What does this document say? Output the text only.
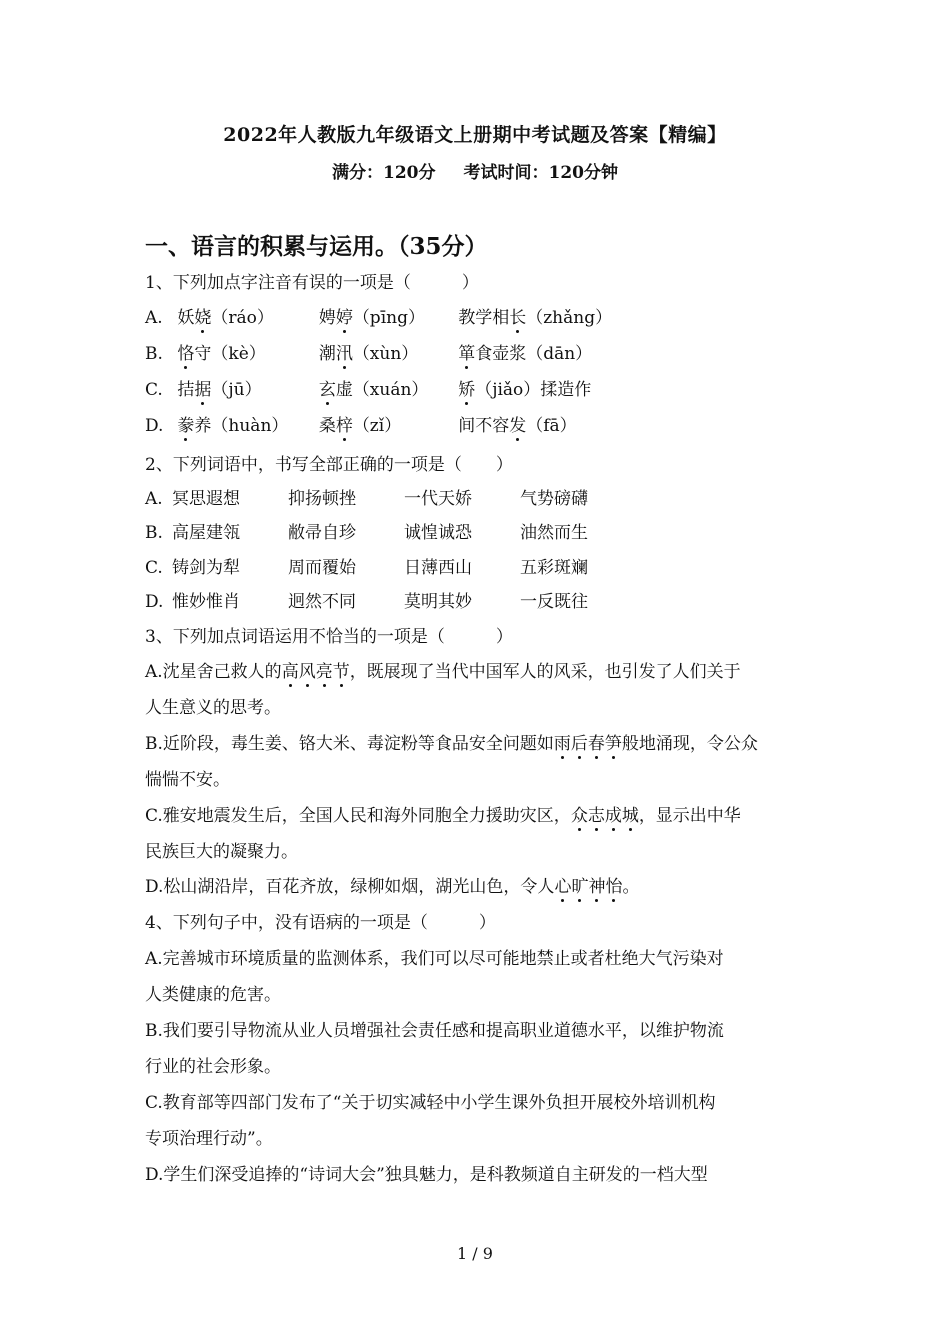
2022年人教版九年级语文上册期中考试题及答案【精编】
满分：120分 考试时间：120分钟
一、语言的积累与运用。（35分）
1、下列加点字注音有误的一项是（　　　）
A. 妖娆（ráo）	娉婷（pīng） 教学相长（zhǎng）
B. 恪守（kè）	潮汛（xùn） 箪食壶浆（dān）
C. 拮据（jū）	玄虚（xuán） 矫（jiǎo）揉造作
D. 豢养（huàn） 桑梓（zǐ）	间不容发（fā）
2、下列词语中，书写全部正确的一项是（　　）
A. 冥思遐想	抑扬顿挫	一代天娇	气势磅礴
B. 高屋建瓴	敝帚自珍	诚惶诚恐	油然而生
C. 铸剑为犁	周而覆始	日薄西山	五彩斑斓
D. 惟妙惟肖	迥然不同	莫明其妙	一反既往
3、下列加点词语运用不恰当的一项是（　　　）
A.沈星舍己救人的高风亮节，既展现了当代中国军人的风采，也引发了人们关于
人生意义的思考。
B.近阶段，毒生姜、铬大米、毒淀粉等食品安全问题如雨后春笋般地涌现，令公众
惴惴不安。
C.雅安地震发生后，全国人民和海外同胞全力援助灾区，众志成城，显示出中华
民族巨大的凝聚力。
D.松山湖沿岸，百花齐放，绿柳如烟，湖光山色，令人心旷神怡。
4、下列句子中，没有语病的一项是（　　　）
A.完善城市环境质量的监测体系，我们可以尽可能地禁止或者杜绝大气污染对
人类健康的危害。
B.我们要引导物流从业人员增强社会责任感和提高职业道德水平，以维护物流
行业的社会形象。
C.教育部等四部门发布了“关于切实减轻中小学生课外负担开展校外培训机构
专项治理行动”。
D.学生们深受追捧的“诗词大会”独具魅力，是科教频道自主研发的一档大型
1 / 9
